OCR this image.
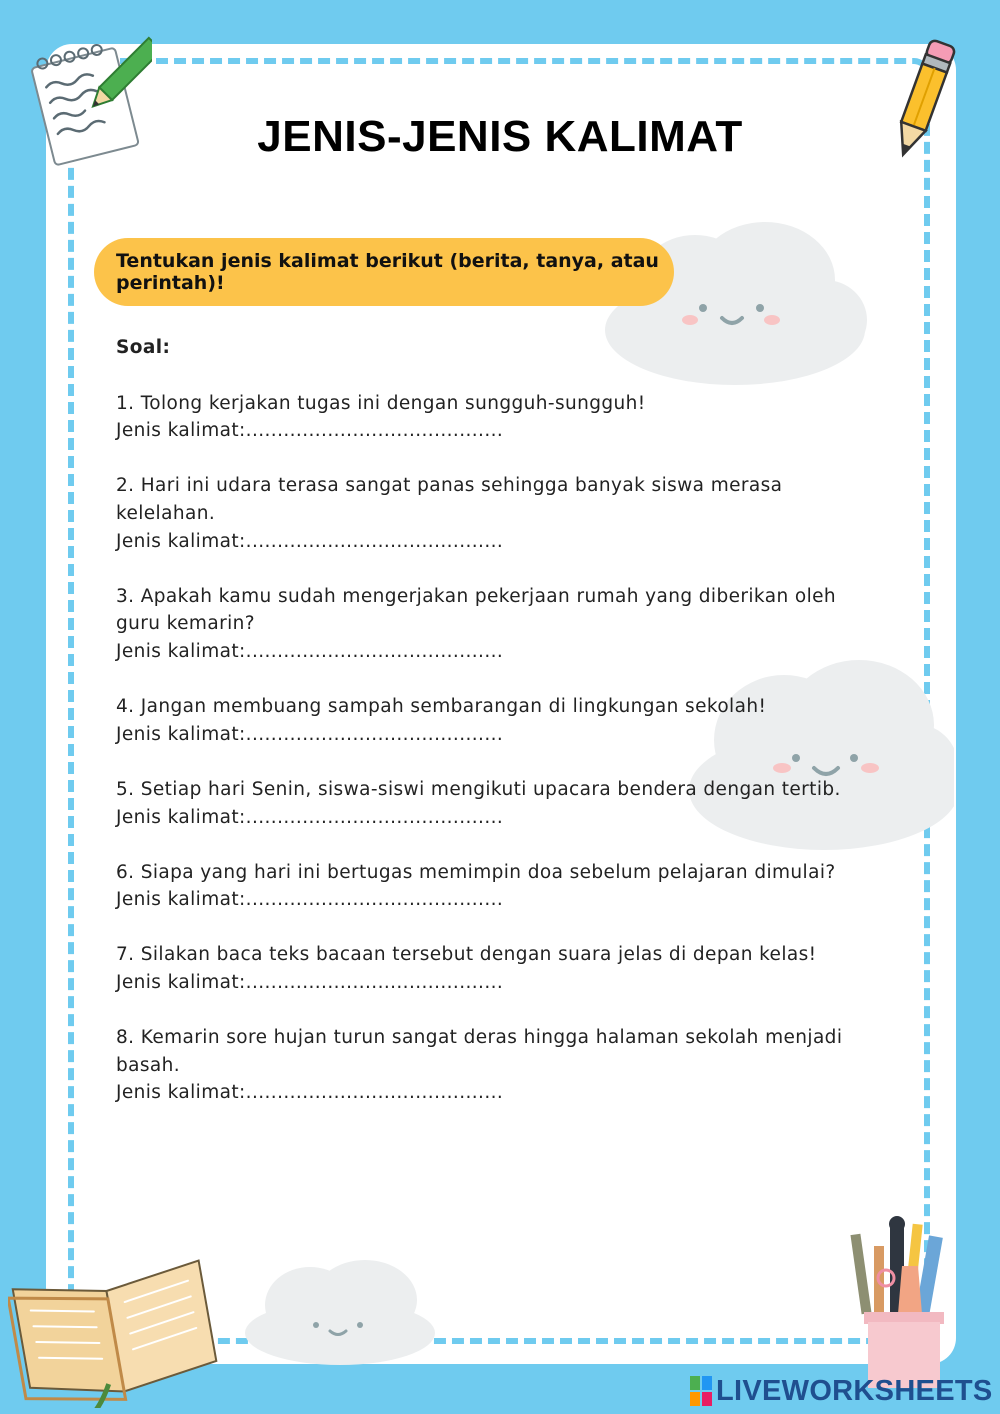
JENIS-JENIS KALIMAT
Tentukan jenis kalimat berikut (berita, tanya, atau perintah)!

Soal:

1. Tolong kerjakan tugas ini dengan sungguh-sungguh!

Jenis kalimat:.........................................

2. Hari ini udara terasa sangat panas sehingga banyak siswa merasa kelelahan.

Jenis kalimat:.........................................

3. Apakah kamu sudah mengerjakan pekerjaan rumah yang diberikan oleh guru kemarin?

Jenis kalimat:.........................................

4. Jangan membuang sampah sembarangan di lingkungan sekolah!

Jenis kalimat:.........................................

5. Setiap hari Senin, siswa-siswi mengikuti upacara bendera dengan tertib.

Jenis kalimat:.........................................

6. Siapa yang hari ini bertugas memimpin doa sebelum pelajaran dimulai?

Jenis kalimat:.........................................

7. Silakan baca teks bacaan tersebut dengan suara jelas di depan kelas!

Jenis kalimat:.........................................

8. Kemarin sore hujan turun sangat deras hingga halaman sekolah menjadi basah.

Jenis kalimat:.........................................

LIVEWORKSHEETS
